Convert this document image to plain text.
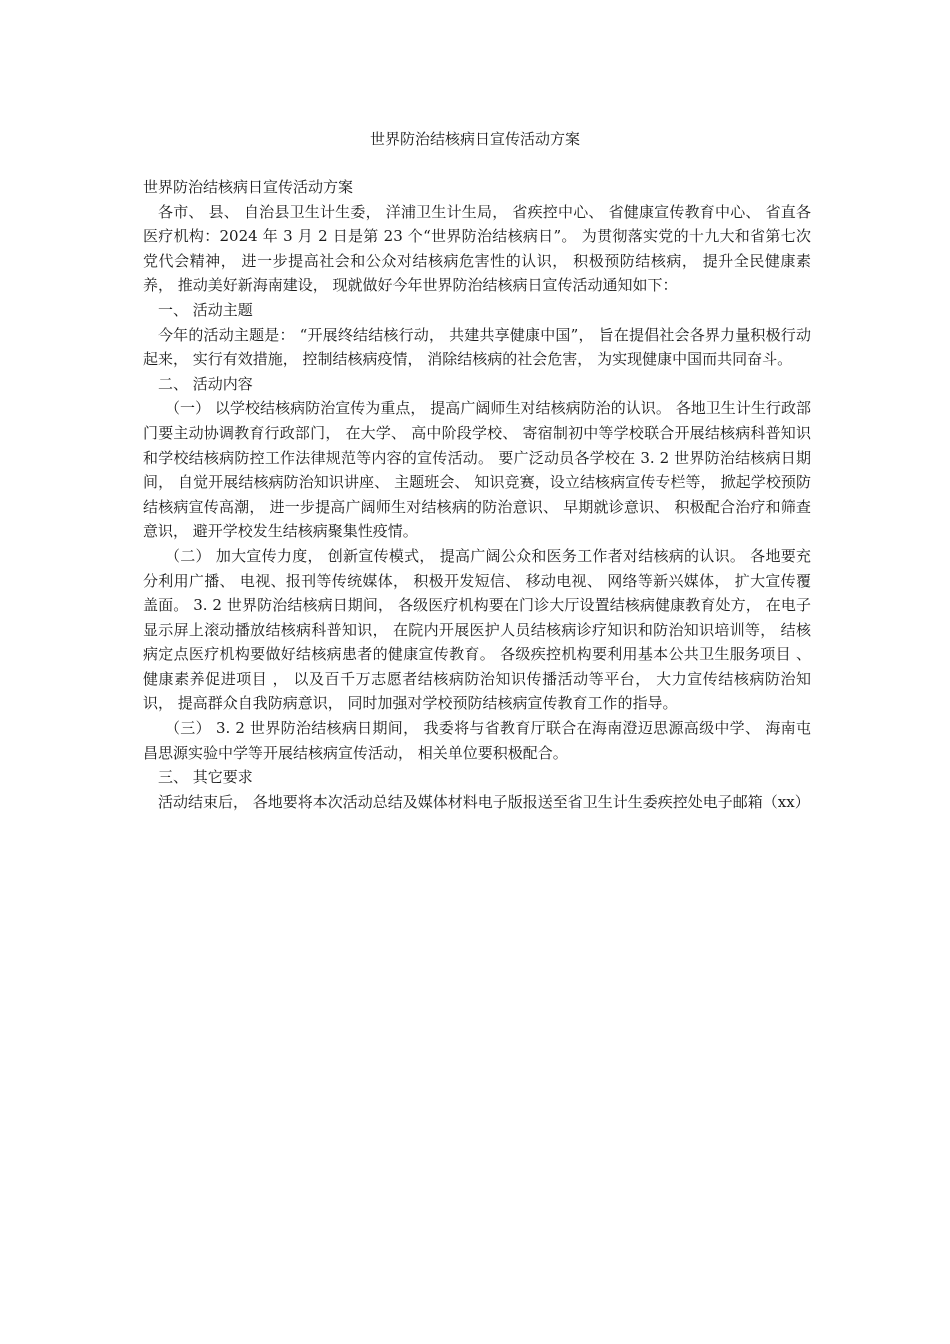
世界防治结核病日宣传活动方案

世界防治结核病日宣传活动方案

各市、 县、 自治县卫生计生委， 洋浦卫生计生局， 省疾控中心、 省健康宣传教育中心、 省直各医疗机构：2024 年 3 月 2 日是第 23 个“世界防治结核病日”。 为贯彻落实党的十九大和省第七次党代会精神， 进一步提高社会和公众对结核病危害性的认识， 积极预防结核病， 提升全民健康素养， 推动美好新海南建设， 现就做好今年世界防治结核病日宣传活动通知如下：

一、 活动主题

今年的活动主题是： “开展终结结核行动， 共建共享健康中国”， 旨在提倡社会各界力量积极行动起来， 实行有效措施， 控制结核病疫情， 消除结核病的社会危害， 为实现健康中国而共同奋斗。

二、 活动内容

（一） 以学校结核病防治宣传为重点， 提高广阔师生对结核病防治的认识。 各地卫生计生行政部门要主动协调教育行政部门， 在大学、 高中阶段学校、 寄宿制初中等学校联合开展结核病科普知识和学校结核病防控工作法律规范等内容的宣传活动。 要广泛动员各学校在 3. 2 世界防治结核病日期间， 自觉开展结核病防治知识讲座、 主题班会、 知识竞赛，设立结核病宣传专栏等， 掀起学校预防结核病宣传高潮， 进一步提高广阔师生对结核病的防治意识、 早期就诊意识、 积极配合治疗和筛查意识， 避开学校发生结核病聚集性疫情。

（二） 加大宣传力度， 创新宣传模式， 提高广阔公众和医务工作者对结核病的认识。 各地要充分利用广播、 电视、报刊等传统媒体， 积极开发短信、 移动电视、 网络等新兴媒体， 扩大宣传覆盖面。 3. 2 世界防治结核病日期间， 各级医疗机构要在门诊大厅设置结核病健康教育处方， 在电子显示屏上滚动播放结核病科普知识， 在院内开展医护人员结核病诊疗知识和防治知识培训等， 结核病定点医疗机构要做好结核病患者的健康宣传教育。 各级疾控机构要利用基本公共卫生服务项目 、 健康素养促进项目 ， 以及百千万志愿者结核病防治知识传播活动等平台， 大力宣传结核病防治知识， 提高群众自我防病意识， 同时加强对学校预防结核病宣传教育工作的指导。

（三） 3. 2 世界防治结核病日期间， 我委将与省教育厅联合在海南澄迈思源高级中学、 海南屯昌思源实验中学等开展结核病宣传活动， 相关单位要积极配合。

三、 其它要求

活动结束后， 各地要将本次活动总结及媒体材料电子版报送至省卫生计生委疾控处电子邮箱（xx）
